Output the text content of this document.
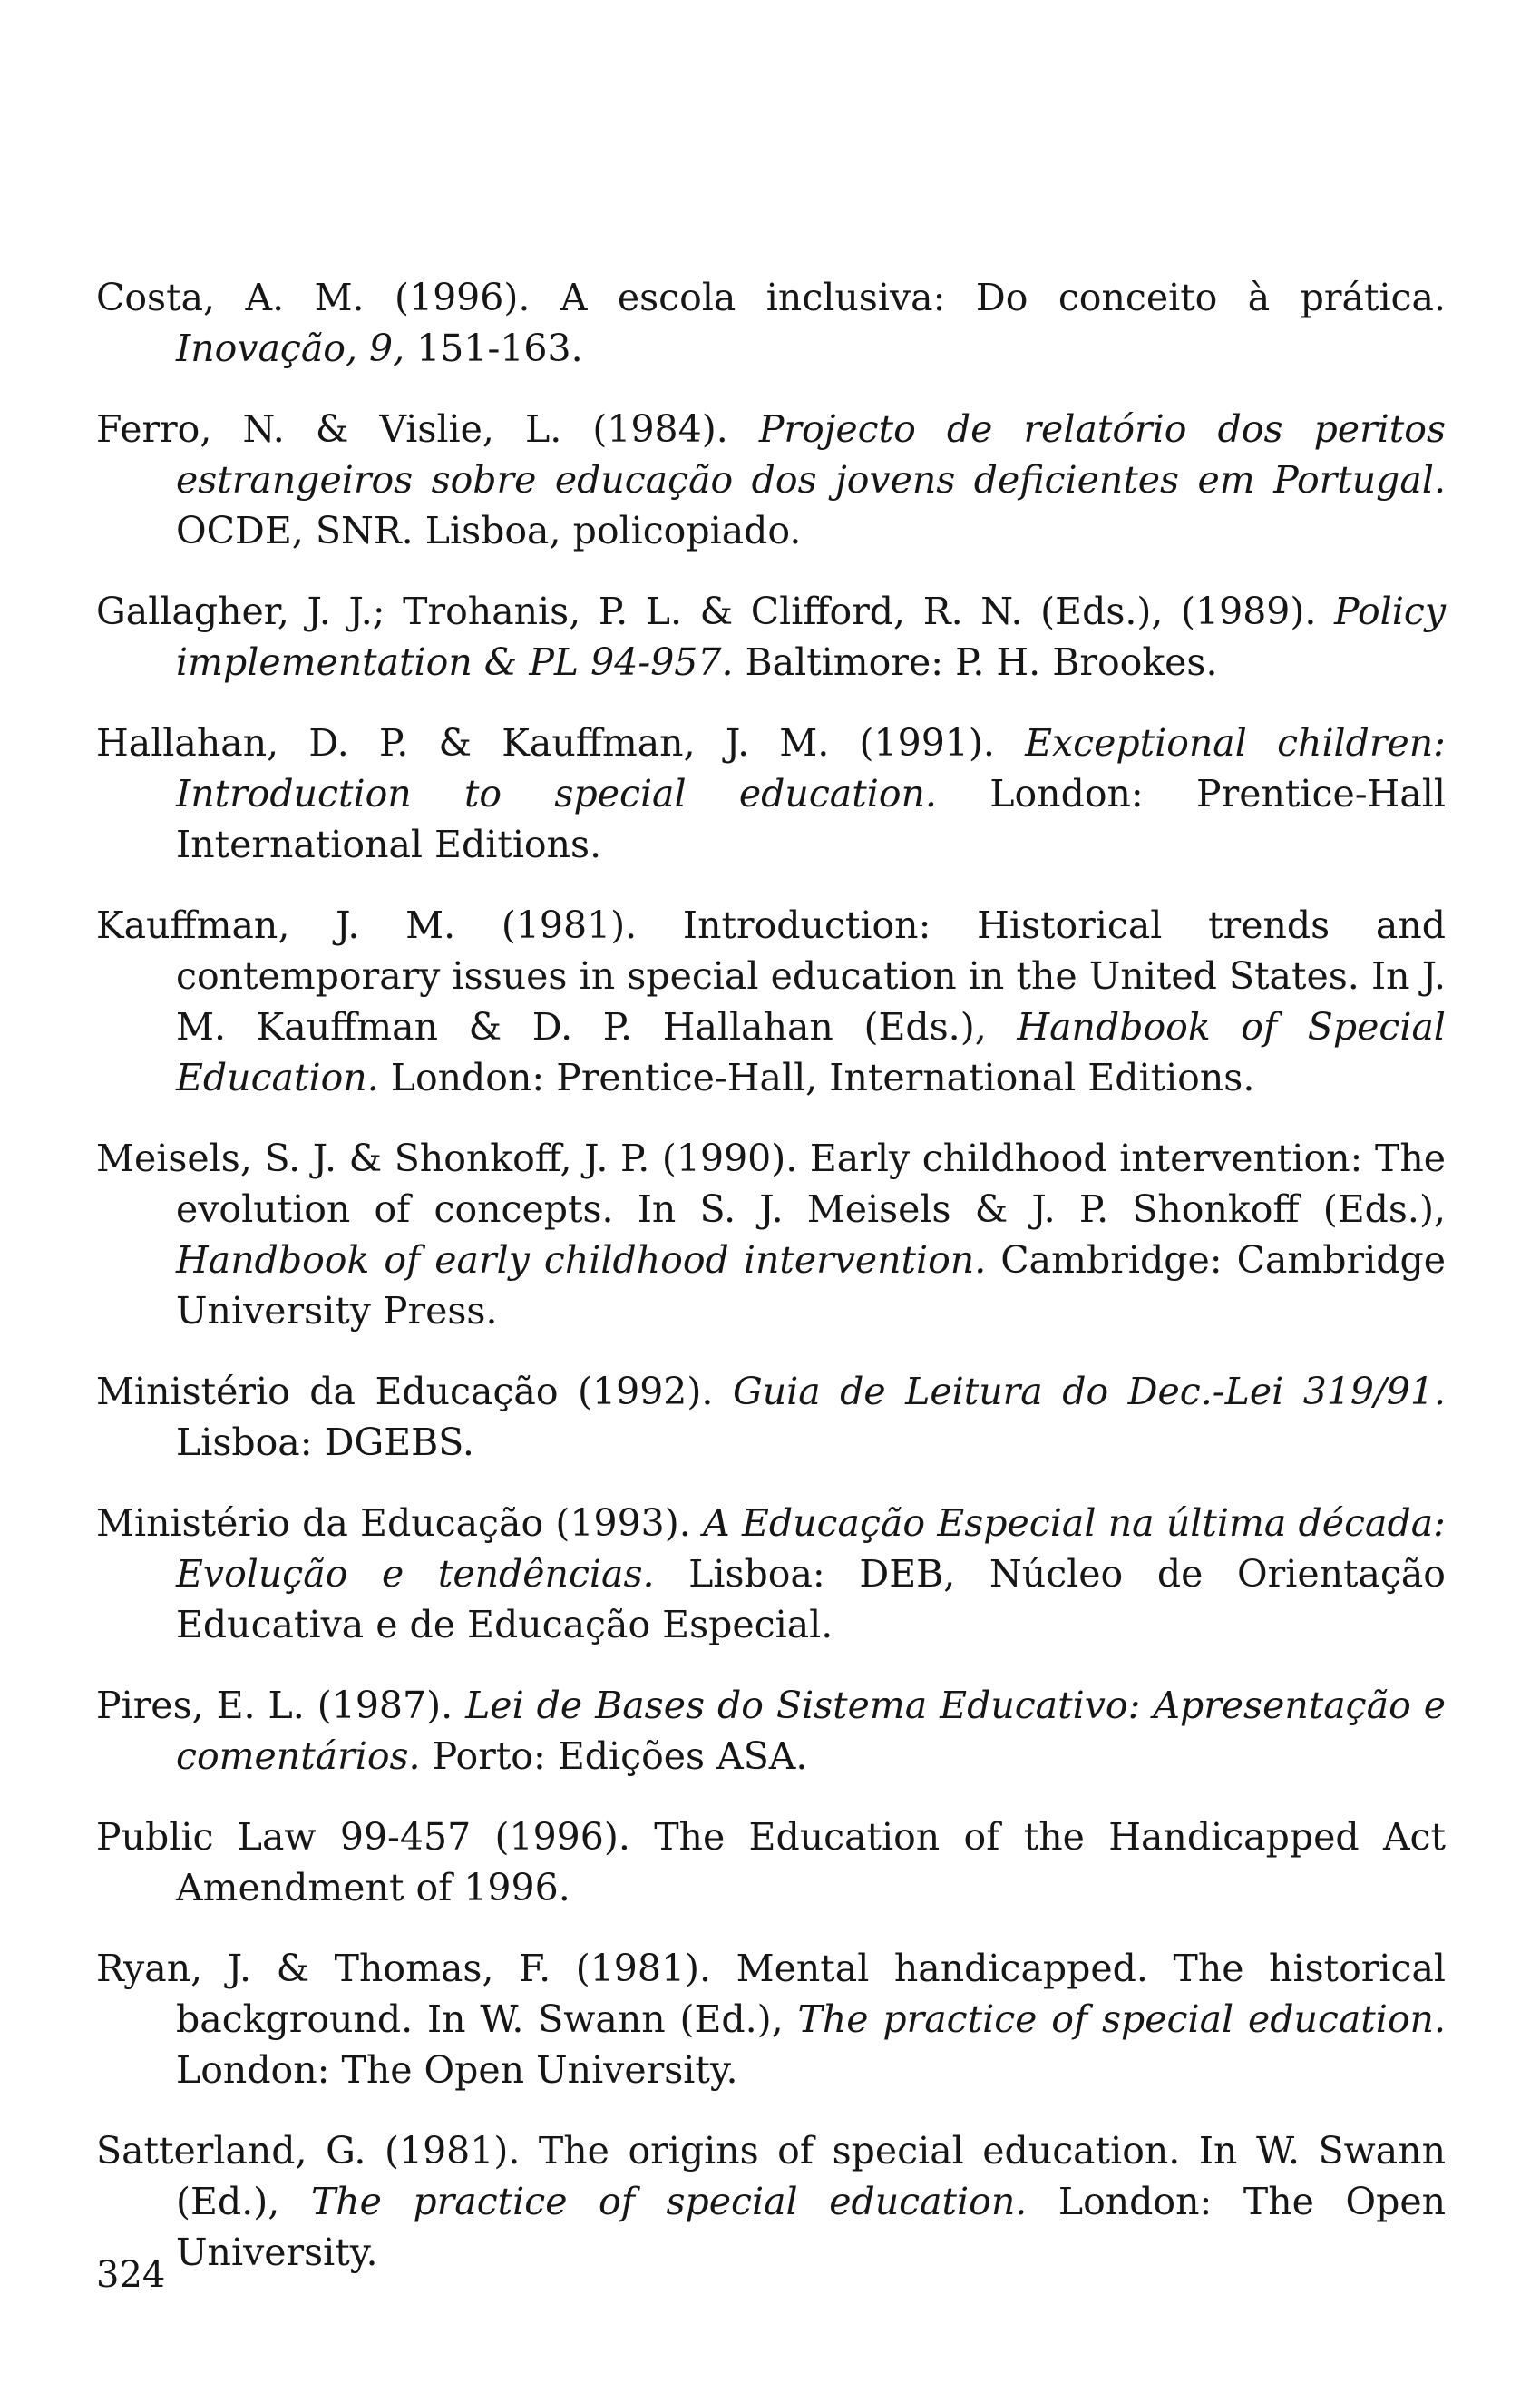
Costa, A. M. (1996). A escola inclusiva: Do conceito à prática. Inovação, 9, 151-163.
Ferro, N. & Vislie, L. (1984). Projecto de relatório dos peritos estrangeiros sobre educação dos jovens deficientes em Portugal. OCDE, SNR. Lisboa, policopiado.
Gallagher, J. J.; Trohanis, P. L. & Clifford, R. N. (Eds.), (1989). Policy implementation & PL 94-957. Baltimore: P. H. Brookes.
Hallahan, D. P. & Kauffman, J. M. (1991). Exceptional children: Introduction to special education. London: Prentice-Hall International Editions.
Kauffman, J. M. (1981). Introduction: Historical trends and contemporary issues in special education in the United States. In J. M. Kauffman & D. P. Hallahan (Eds.), Handbook of Special Education. London: Prentice-Hall, International Editions.
Meisels, S. J. & Shonkoff, J. P. (1990). Early childhood intervention: The evolution of concepts. In S. J. Meisels & J. P. Shonkoff (Eds.), Handbook of early childhood intervention. Cambridge: Cambridge University Press.
Ministério da Educação (1992). Guia de Leitura do Dec.-Lei 319/91. Lisboa: DGEBS.
Ministério da Educação (1993). A Educação Especial na última década: Evolução e tendências. Lisboa: DEB, Núcleo de Orientação Educativa e de Educação Especial.
Pires, E. L. (1987). Lei de Bases do Sistema Educativo: Apresentação e comentários. Porto: Edições ASA.
Public Law 99-457 (1996). The Education of the Handicapped Act Amendment of 1996.
Ryan, J. & Thomas, F. (1981). Mental handicapped. The historical background. In W. Swann (Ed.), The practice of special education. London: The Open University.
Satterland, G. (1981). The origins of special education. In W. Swann (Ed.), The practice of special education. London: The Open University.
324
